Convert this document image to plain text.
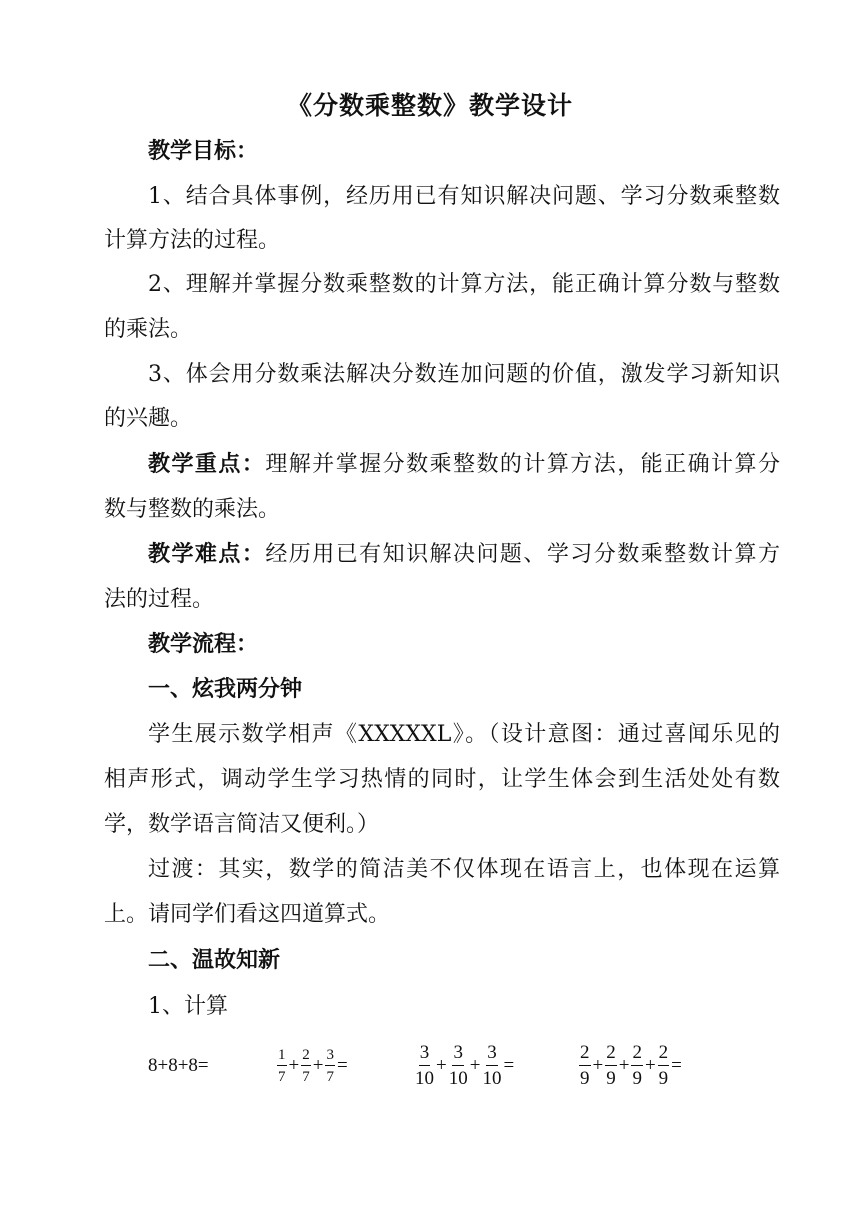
《分数乘整数》教学设计
教学目标：
1、结合具体事例，经历用已有知识解决问题、学习分数乘整数
计算方法的过程。
2、理解并掌握分数乘整数的计算方法，能正确计算分数与整数
的乘法。
3、体会用分数乘法解决分数连加问题的价值，激发学习新知识
的兴趣。
教学重点：理解并掌握分数乘整数的计算方法，能正确计算分
数与整数的乘法。
教学难点：经历用已有知识解决问题、学习分数乘整数计算方
法的过程。
教学流程：
一、炫我两分钟
学生展示数学相声《XXXXXL》。（设计意图：通过喜闻乐见的
相声形式，调动学生学习热情的同时，让学生体会到生活处处有数
学，数学语言简洁又便利。）
过渡：其实，数学的简洁美不仅体现在语言上，也体现在运算
上。请同学们看这四道算式。
二、温故知新
1、计算
8+8+8=	$\frac{1}{7} + \frac{2}{7} + \frac{3}{7}$ =	$\frac{3}{10} + \frac{3}{10} + \frac{3}{10}$ =	$\frac{2}{9} + \frac{2}{9} + \frac{2}{9} + \frac{2}{9}$ =
